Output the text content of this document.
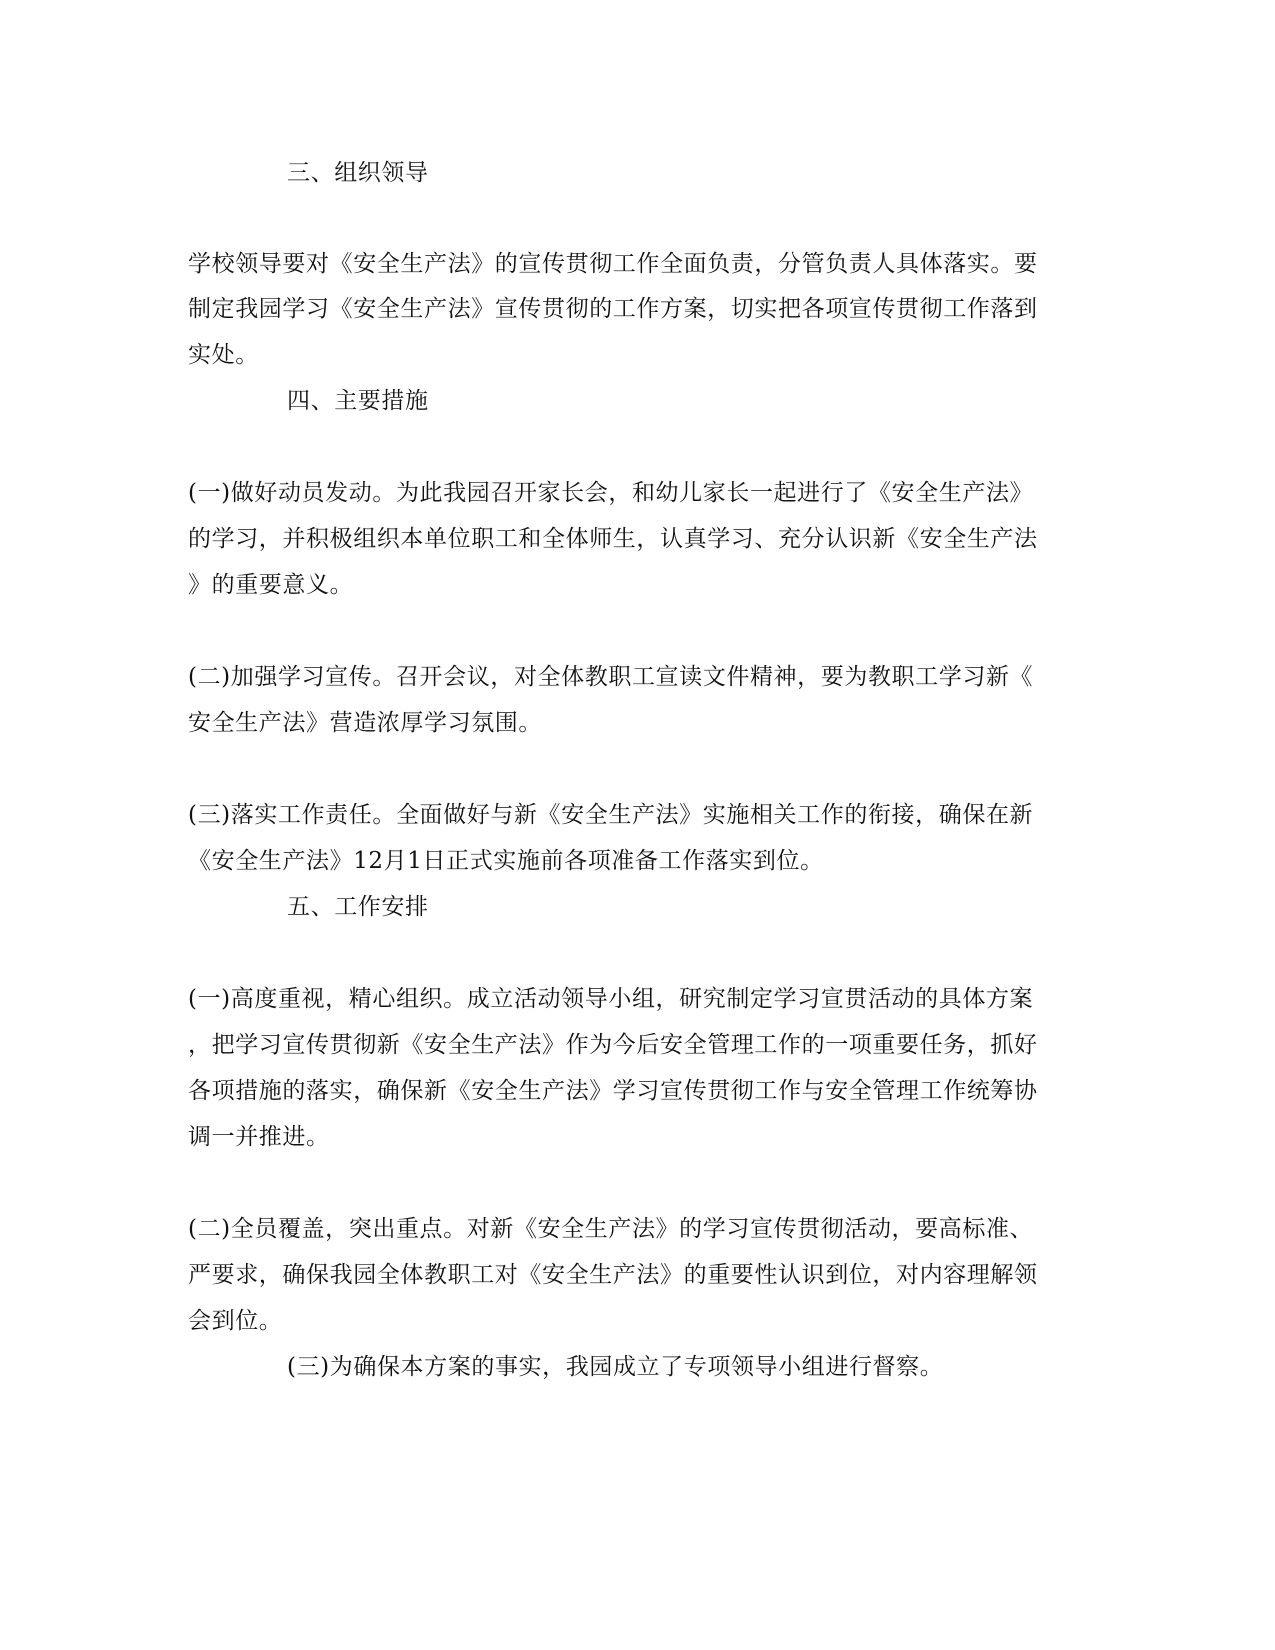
三、组织领导
学校领导要对《安全生产法》的宣传贯彻工作全面负责，分管负责人具体落实。要
制定我园学习《安全生产法》宣传贯彻的工作方案，切实把各项宣传贯彻工作落到
实处。
四、主要措施
(一)做好动员发动。为此我园召开家长会，和幼儿家长一起进行了《安全生产法》
的学习，并积极组织本单位职工和全体师生，认真学习、充分认识新《安全生产法
》的重要意义。
(二)加强学习宣传。召开会议，对全体教职工宣读文件精神，要为教职工学习新《
安全生产法》营造浓厚学习氛围。
(三)落实工作责任。全面做好与新《安全生产法》实施相关工作的衔接，确保在新
《安全生产法》12月1日正式实施前各项准备工作落实到位。
五、工作安排
(一)高度重视，精心组织。成立活动领导小组，研究制定学习宣贯活动的具体方案
，把学习宣传贯彻新《安全生产法》作为今后安全管理工作的一项重要任务，抓好
各项措施的落实，确保新《安全生产法》学习宣传贯彻工作与安全管理工作统筹协
调一并推进。
(二)全员覆盖，突出重点。对新《安全生产法》的学习宣传贯彻活动，要高标准、
严要求，确保我园全体教职工对《安全生产法》的重要性认识到位，对内容理解领
会到位。
(三)为确保本方案的事实，我园成立了专项领导小组进行督察。
